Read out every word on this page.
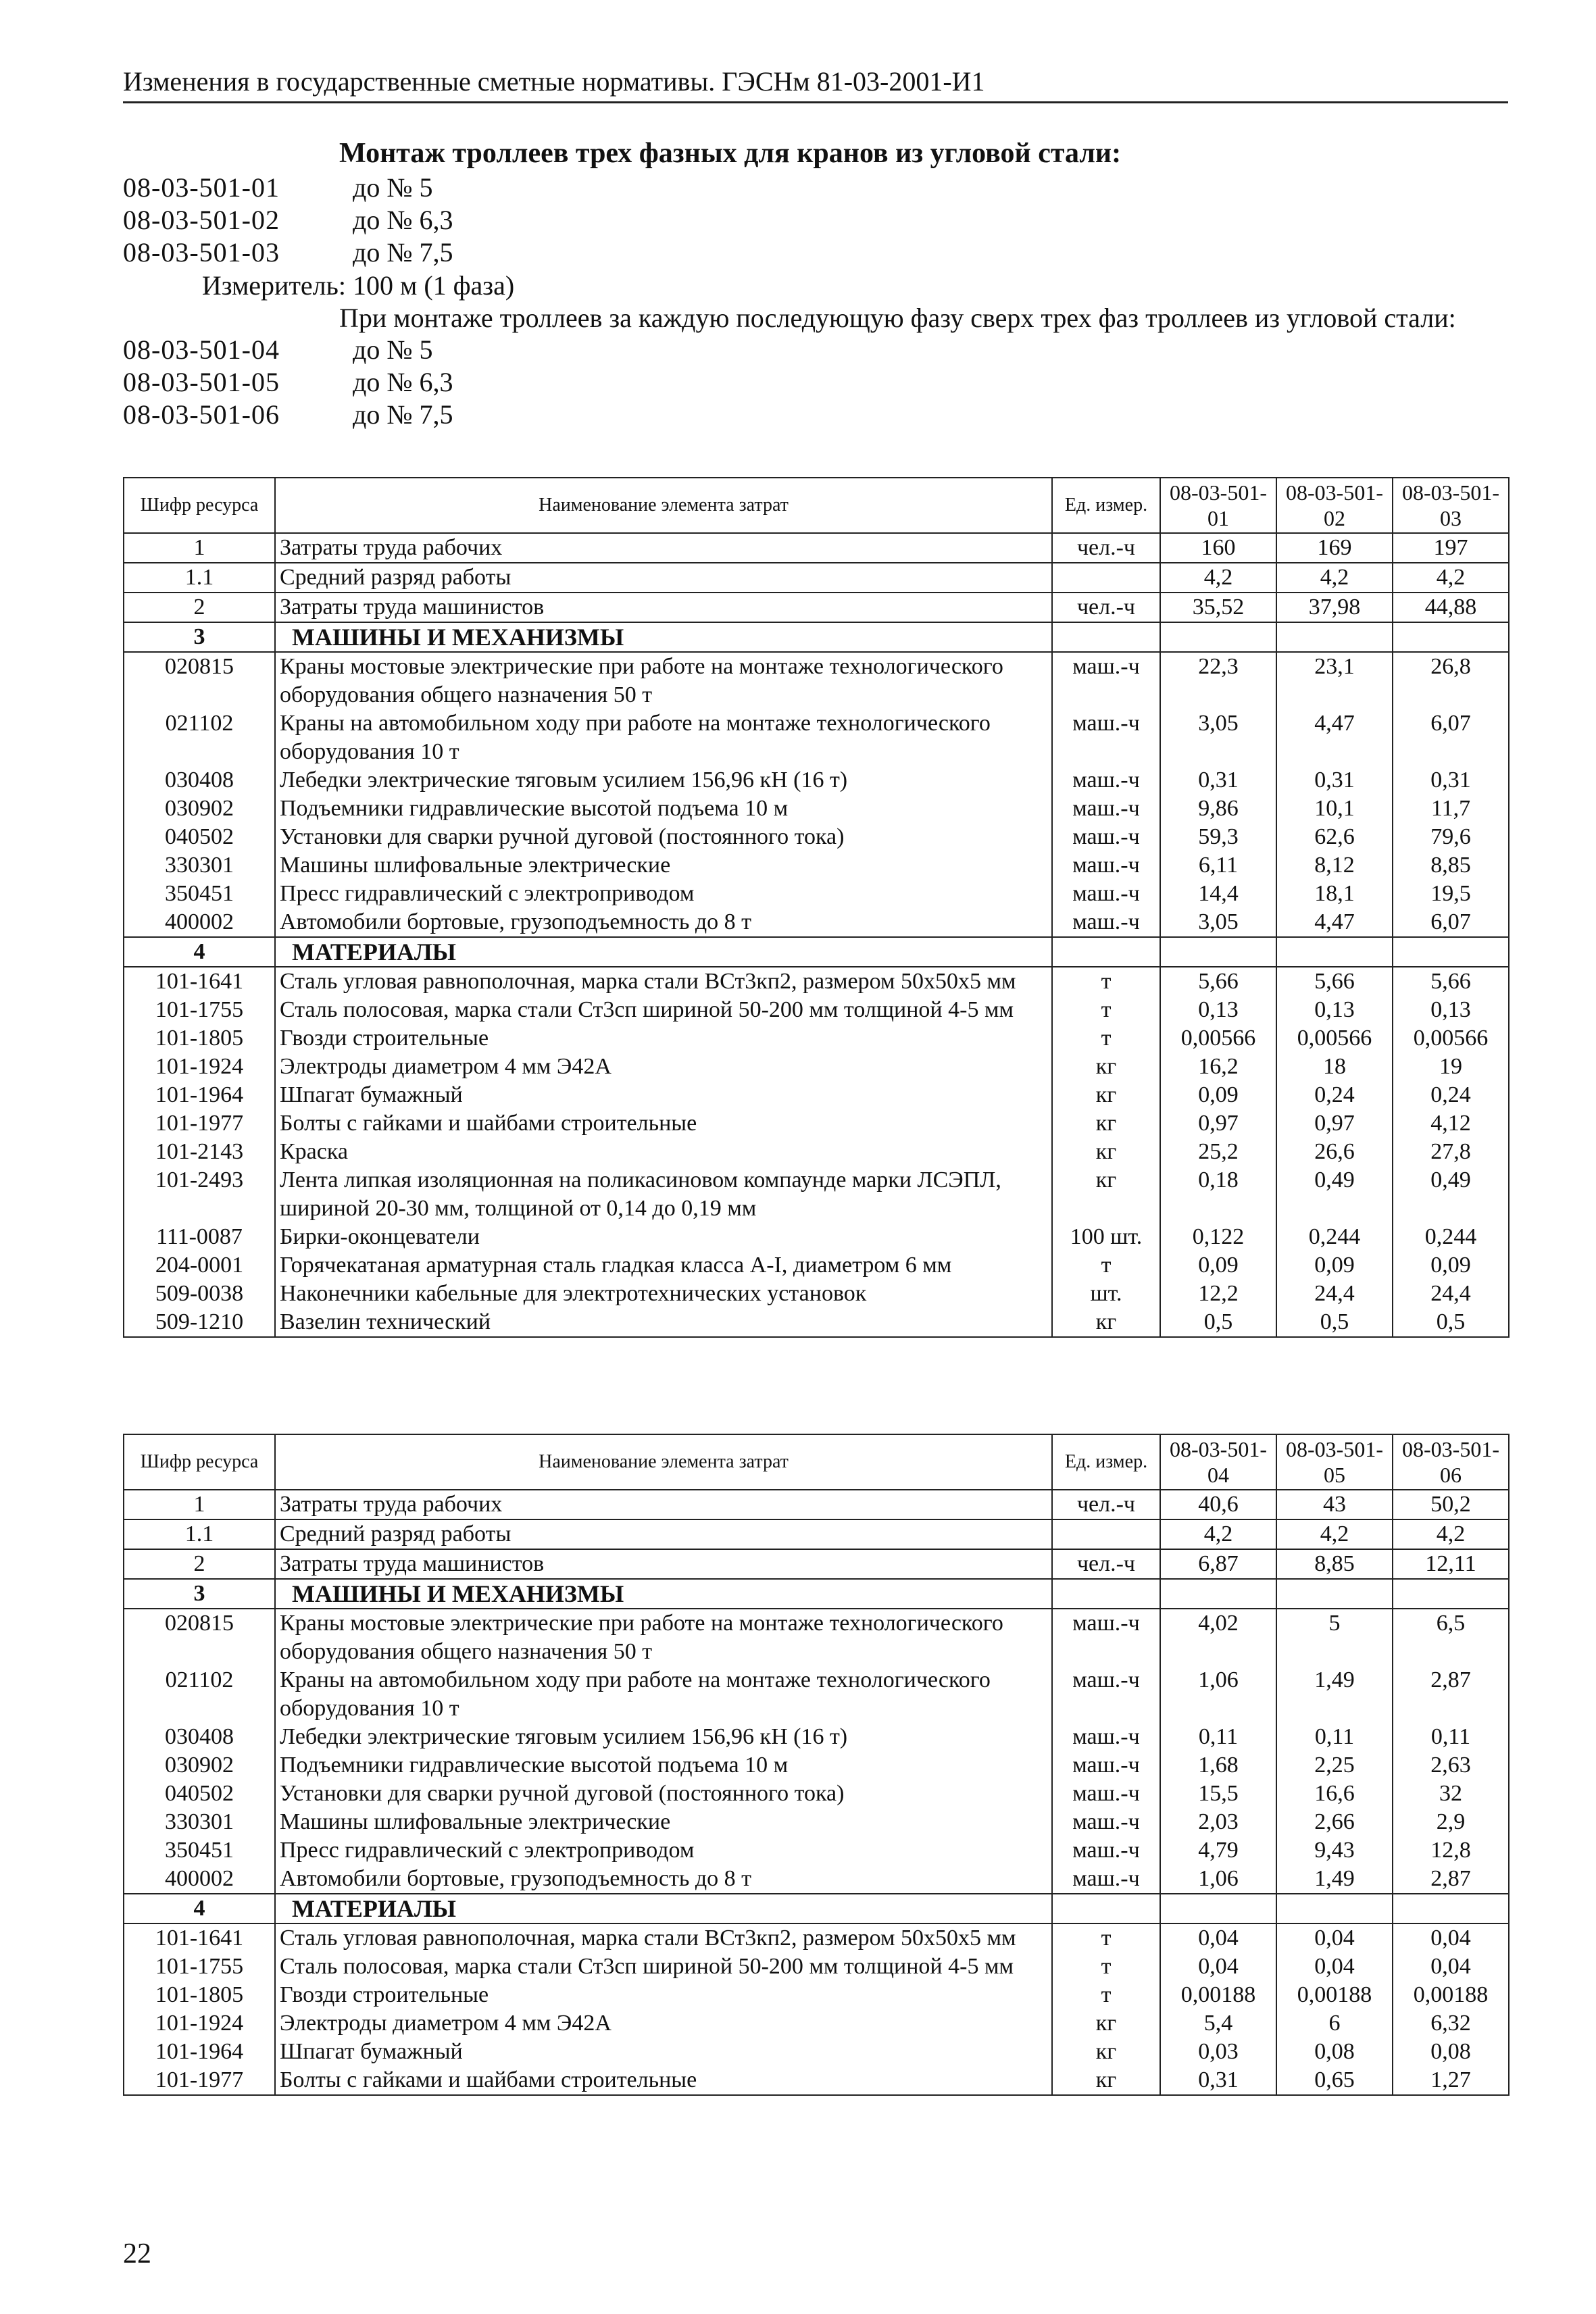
Изменения в государственные сметные нормативы. ГЭСНм 81-03-2001-И1
Монтаж троллеев трех фазных для кранов из угловой стали:
08-03-501-01	до № 5
08-03-501-02	до № 6,3
08-03-501-03	до № 7,5
Измеритель: 100 м (1 фаза)
При монтаже троллеев за каждую последующую фазу сверх трех фаз троллеев из угловой стали:
08-03-501-04	до № 5
08-03-501-05	до № 6,3
08-03-501-06	до № 7,5
Шифр ресурса	Наименование элемента затрат	Ед. измер.	08-03-501-01	08-03-501-02	08-03-501-03
1	Затраты труда рабочих	чел.-ч	160	169	197
1.1	Средний разряд работы		4,2	4,2	4,2
2	Затраты труда машинистов	чел.-ч	35,52	37,98	44,88
3	МАШИНЫ И МЕХАНИЗМЫ				
020815	Краны мостовые электрические при работе на монтаже технологического оборудования общего назначения 50 т	маш.-ч	22,3	23,1	26,8
021102	Краны на автомобильном ходу при работе на монтаже технологического оборудования 10 т	маш.-ч	3,05	4,47	6,07
030408	Лебедки электрические тяговым усилием 156,96 кН (16 т)	маш.-ч	0,31	0,31	0,31
030902	Подъемники гидравлические высотой подъема 10 м	маш.-ч	9,86	10,1	11,7
040502	Установки для сварки ручной дуговой (постоянного тока)	маш.-ч	59,3	62,6	79,6
330301	Машины шлифовальные электрические	маш.-ч	6,11	8,12	8,85
350451	Пресс гидравлический с электроприводом	маш.-ч	14,4	18,1	19,5
400002	Автомобили бортовые, грузоподъемность до 8 т	маш.-ч	3,05	4,47	6,07
4	МАТЕРИАЛЫ				
101-1641	Сталь угловая равнополочная, марка стали ВСт3кп2, размером 50х50х5 мм	т	5,66	5,66	5,66
101-1755	Сталь полосовая, марка стали Ст3сп шириной 50-200 мм толщиной 4-5 мм	т	0,13	0,13	0,13
101-1805	Гвозди строительные	т	0,00566	0,00566	0,00566
101-1924	Электроды диаметром 4 мм Э42А	кг	16,2	18	19
101-1964	Шпагат бумажный	кг	0,09	0,24	0,24
101-1977	Болты с гайками и шайбами строительные	кг	0,97	0,97	4,12
101-2143	Краска	кг	25,2	26,6	27,8
101-2493	Лента липкая изоляционная на поликасиновом компаунде марки ЛСЭПЛ, шириной 20-30 мм, толщиной от 0,14 до 0,19 мм	кг	0,18	0,49	0,49
111-0087	Бирки-оконцеватели	100 шт.	0,122	0,244	0,244
204-0001	Горячекатаная арматурная сталь гладкая класса А-I, диаметром 6 мм	т	0,09	0,09	0,09
509-0038	Наконечники кабельные для электротехнических установок	шт.	12,2	24,4	24,4
509-1210	Вазелин технический	кг	0,5	0,5	0,5
Шифр ресурса	Наименование элемента затрат	Ед. измер.	08-03-501-04	08-03-501-05	08-03-501-06
1	Затраты труда рабочих	чел.-ч	40,6	43	50,2
1.1	Средний разряд работы		4,2	4,2	4,2
2	Затраты труда машинистов	чел.-ч	6,87	8,85	12,11
3	МАШИНЫ И МЕХАНИЗМЫ				
020815	Краны мостовые электрические при работе на монтаже технологического оборудования общего назначения 50 т	маш.-ч	4,02	5	6,5
021102	Краны на автомобильном ходу при работе на монтаже технологического оборудования 10 т	маш.-ч	1,06	1,49	2,87
030408	Лебедки электрические тяговым усилием 156,96 кН (16 т)	маш.-ч	0,11	0,11	0,11
030902	Подъемники гидравлические высотой подъема 10 м	маш.-ч	1,68	2,25	2,63
040502	Установки для сварки ручной дуговой (постоянного тока)	маш.-ч	15,5	16,6	32
330301	Машины шлифовальные электрические	маш.-ч	2,03	2,66	2,9
350451	Пресс гидравлический с электроприводом	маш.-ч	4,79	9,43	12,8
400002	Автомобили бортовые, грузоподъемность до 8 т	маш.-ч	1,06	1,49	2,87
4	МАТЕРИАЛЫ				
101-1641	Сталь угловая равнополочная, марка стали ВСт3кп2, размером 50х50х5 мм	т	0,04	0,04	0,04
101-1755	Сталь полосовая, марка стали Ст3сп шириной 50-200 мм толщиной 4-5 мм	т	0,04	0,04	0,04
101-1805	Гвозди строительные	т	0,00188	0,00188	0,00188
101-1924	Электроды диаметром 4 мм Э42А	кг	5,4	6	6,32
101-1964	Шпагат бумажный	кг	0,03	0,08	0,08
101-1977	Болты с гайками и шайбами строительные	кг	0,31	0,65	1,27
22
